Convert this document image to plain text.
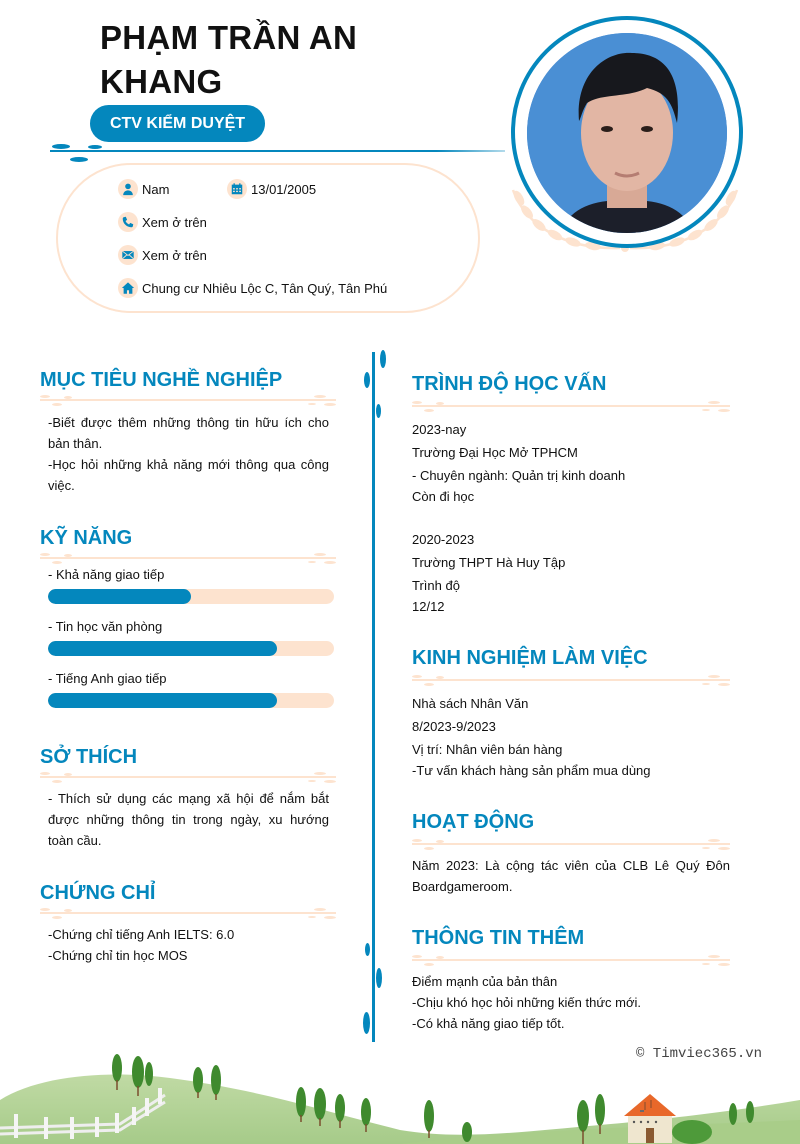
PHẠM TRẦN AN
KHANG
CTV KIỂM DUYỆT
Nam	13/01/2005
Xem ở trên
Xem ở trên
Chung cư Nhiêu Lộc C, Tân Quý, Tân Phú
MỤC TIÊU NGHỀ NGHIỆP
-Biết được thêm những thông tin hữu ích cho bản thân.
-Học hỏi những khả năng mới thông qua công việc.
KỸ NĂNG
- Khả năng giao tiếp
- Tin học văn phòng
- Tiếng Anh giao tiếp
SỞ THÍCH
- Thích sử dụng các mạng xã hội để nắm bắt được những thông tin trong ngày, xu hướng toàn cầu.
CHỨNG CHỈ
-Chứng chỉ tiếng Anh IELTS: 6.0
-Chứng chỉ tin học MOS
TRÌNH ĐỘ HỌC VẤN
2023-nay
Trường Đại Học Mở TPHCM
- Chuyên ngành: Quản trị kinh doanh
Còn đi học
2020-2023
Trường THPT Hà Huy Tập
Trình độ
12/12
KINH NGHIỆM LÀM VIỆC
Nhà sách Nhân Văn
8/2023-9/2023
Vị trí: Nhân viên bán hàng
-Tư vấn khách hàng sản phẩm mua dùng
HOẠT ĐỘNG
Năm 2023: Là cộng tác viên của CLB Lê Quý Đôn Boardgameroom.
THÔNG TIN THÊM
Điểm mạnh của bản thân
-Chịu khó học hỏi những kiến thức mới.
-Có khả năng giao tiếp tốt.
© Timviec365.vn
